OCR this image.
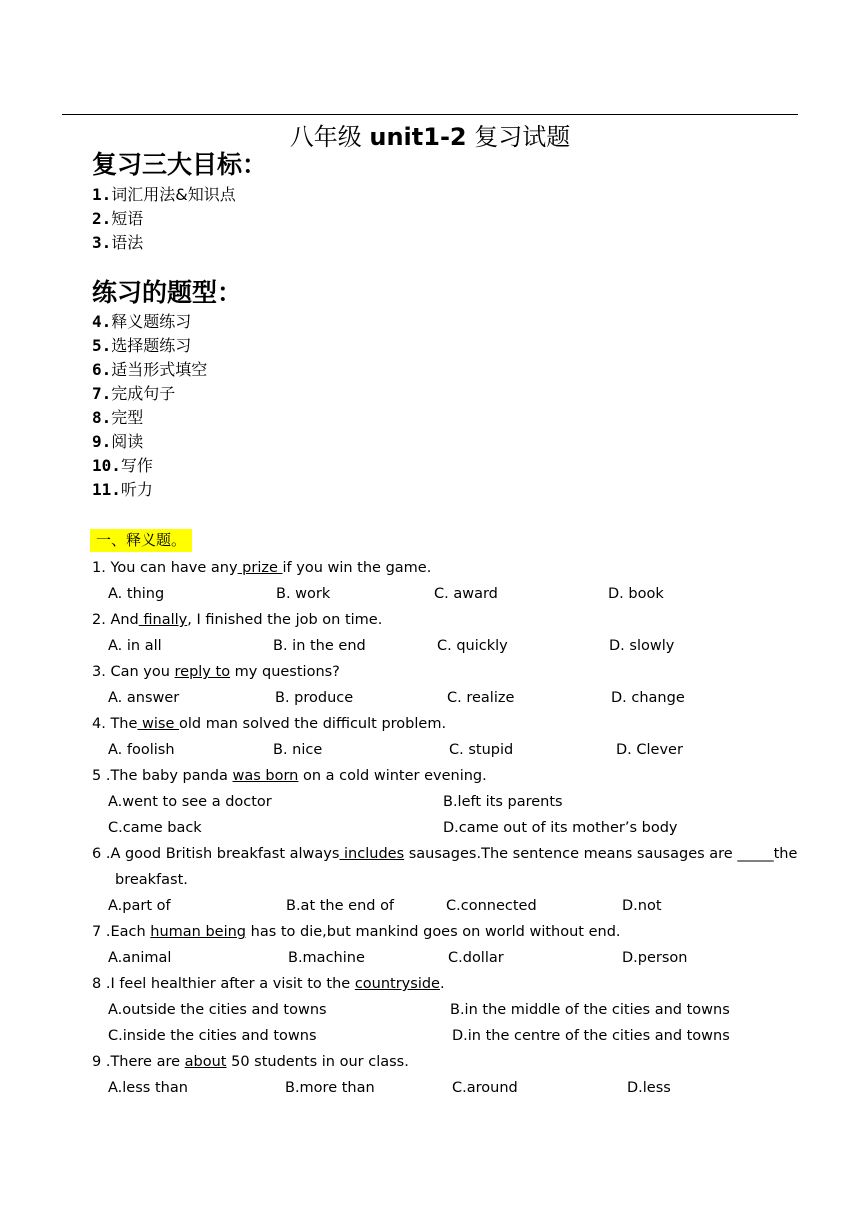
八年级 unit1-2 复习试题
复习三大目标：
1.词汇用法&知识点
2.短语
3.语法
练习的题型：
4.释义题练习
5.选择题练习
6.适当形式填空
7.完成句子
8.完型
9.阅读
10.写作
11.听力
一、释义题。
1. You can have any prize if you win the game.
A. thing	B. work	C. award	D. book
2. And finally, I finished the job on time.
A. in all	B. in the end	C. quickly	D. slowly
3. Can you reply to my questions?
A. answer	B. produce	C. realize	D. change
4. The wise old man solved the difficult problem.
A. foolish	B. nice	C. stupid	D. Clever
5 .The baby panda was born on a cold winter evening.
A.went to see a doctor	B.left its parents
C.came back	D.came out of its mother’s body
6 .A good British breakfast always includes sausages.The sentence means sausages are _____the
breakfast.
A.part of	B.at the end of	C.connected	D.not
7 .Each human being has to die,but mankind goes on world without end.
A.animal	B.machine	C.dollar	D.person
8 .I feel healthier after a visit to the countryside.
A.outside the cities and towns	B.in the middle of the cities and towns
C.inside the cities and towns	D.in the centre of the cities and towns
9 .There are about 50 students in our class.
A.less than	B.more than	C.around	D.less
